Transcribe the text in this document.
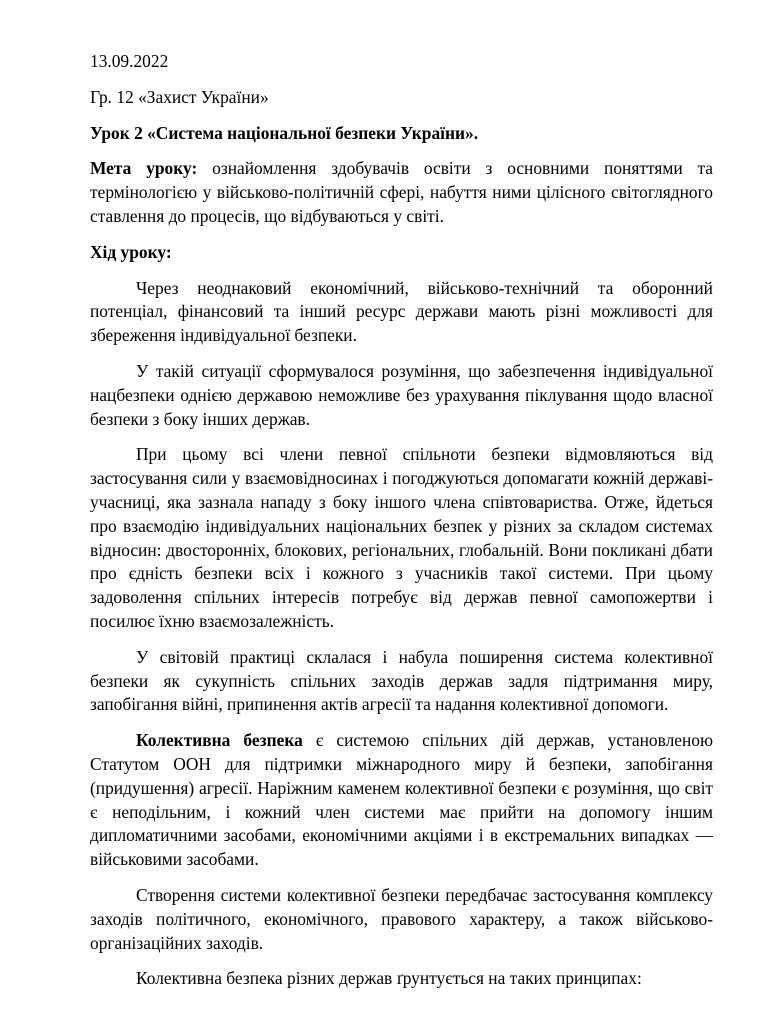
13.09.2022
Гр. 12 «Захист України»
Урок 2 «Система національної безпеки України».
Мета уроку: ознайомлення здобувачів освіти з основними поняттями та термінологією у військово-політичній сфері, набуття ними цілісного світоглядного ставлення до процесів, що відбуваються у світі.
Хід уроку:
Через неоднаковий економічний, військово-технічний та оборонний потенціал, фінансовий та інший ресурс держави мають різні можливості для збереження індивідуальної безпеки.
У такій ситуації сформувалося розуміння, що забезпечення індивідуальної нацбезпеки однією державою неможливе без урахування піклування щодо власної безпеки з боку інших держав.
При цьому всі члени певної спільноти безпеки відмовляються від застосування сили у взаємовідносинах і погоджуються допомагати кожній державі-учасниці, яка зазнала нападу з боку іншого члена співтовариства. Отже, йдеться про взаємодію індивідуальних національних безпек у різних за складом системах відносин: двосторонніх, блокових, регіональних, глобальній. Вони покликані дбати про єдність безпеки всіх і кожного з учасників такої системи. При цьому задоволення спільних інтересів потребує від держав певної самопожертви і посилює їхню взаємозалежність.
У світовій практиці склалася і набула поширення система колективної безпеки як сукупність спільних заходів держав задля підтримання миру, запобігання війні, припинення актів агресії та надання колективної допомоги.
Колективна безпека є системою спільних дій держав, установленою Статутом ООН для підтримки міжнародного миру й безпеки, запобігання (придушення) агресії. Наріжним каменем колективної безпеки є розуміння, що світ є неподільним, і кожний член системи має прийти на допомогу іншим дипломатичними засобами, економічними акціями і в екстремальних випадках — військовими засобами.
Створення системи колективної безпеки передбачає застосування комплексу заходів політичного, економічного, правового характеру, а також військово-організаційних заходів.
Колективна безпека різних держав ґрунтується на таких принципах:
